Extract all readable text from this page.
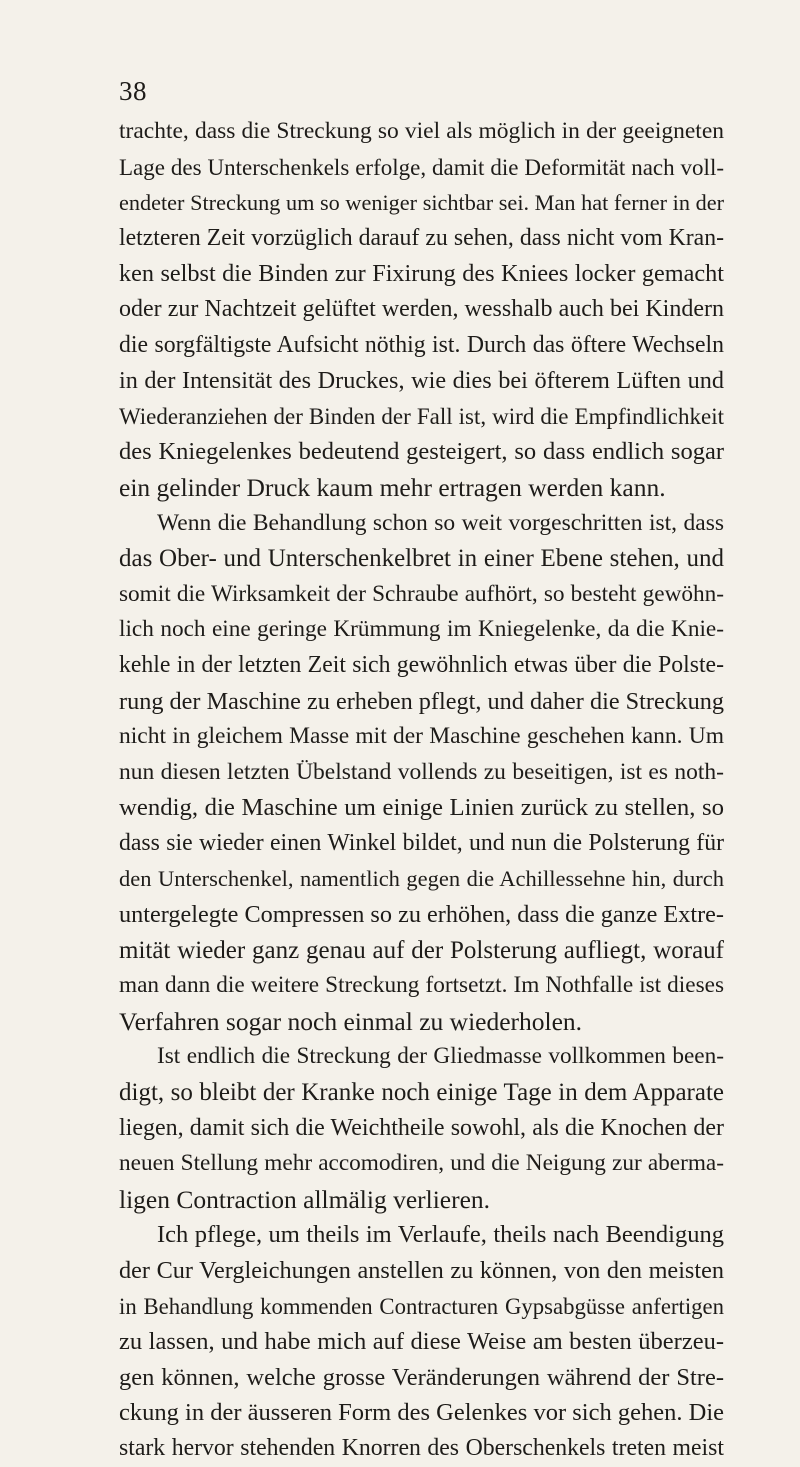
38
trachte, dass die Streckung so viel als möglich in der geeigneten
Lage des Unterschenkels erfolge, damit die Deformität nach voll-
endeter Streckung um so weniger sichtbar sei. Man hat ferner in der
letzteren Zeit vorzüglich darauf zu sehen, dass nicht vom Kran-
ken selbst die Binden zur Fixirung des Kniees locker gemacht
oder zur Nachtzeit gelüftet werden, wesshalb auch bei Kindern
die sorgfältigste Aufsicht nöthig ist. Durch das öftere Wechseln
in der Intensität des Druckes, wie dies bei öfterem Lüften und
Wiederanziehen der Binden der Fall ist, wird die Empfindlichkeit
des Kniegelenkes bedeutend gesteigert, so dass endlich sogar
ein gelinder Druck kaum mehr ertragen werden kann.
Wenn die Behandlung schon so weit vorgeschritten ist, dass
das Ober- und Unterschenkelbret in einer Ebene stehen, und
somit die Wirksamkeit der Schraube aufhört, so besteht gewöhn-
lich noch eine geringe Krümmung im Kniegelenke, da die Knie-
kehle in der letzten Zeit sich gewöhnlich etwas über die Polste-
rung der Maschine zu erheben pflegt, und daher die Streckung
nicht in gleichem Masse mit der Maschine geschehen kann. Um
nun diesen letzten Übelstand vollends zu beseitigen, ist es noth-
wendig, die Maschine um einige Linien zurück zu stellen, so
dass sie wieder einen Winkel bildet, und nun die Polsterung für
den Unterschenkel, namentlich gegen die Achillessehne hin, durch
untergelegte Compressen so zu erhöhen, dass die ganze Extre-
mität wieder ganz genau auf der Polsterung aufliegt, worauf
man dann die weitere Streckung fortsetzt. Im Nothfalle ist dieses
Verfahren sogar noch einmal zu wiederholen.
Ist endlich die Streckung der Gliedmasse vollkommen been-
digt, so bleibt der Kranke noch einige Tage in dem Apparate
liegen, damit sich die Weichtheile sowohl, als die Knochen der
neuen Stellung mehr accomodiren, und die Neigung zur aberma-
ligen Contraction allmälig verlieren.
Ich pflege, um theils im Verlaufe, theils nach Beendigung
der Cur Vergleichungen anstellen zu können, von den meisten
in Behandlung kommenden Contracturen Gypsabgüsse anfertigen
zu lassen, und habe mich auf diese Weise am besten überzeu-
gen können, welche grosse Veränderungen während der Stre-
ckung in der äusseren Form des Gelenkes vor sich gehen. Die
stark hervor stehenden Knorren des Oberschenkels treten meist
